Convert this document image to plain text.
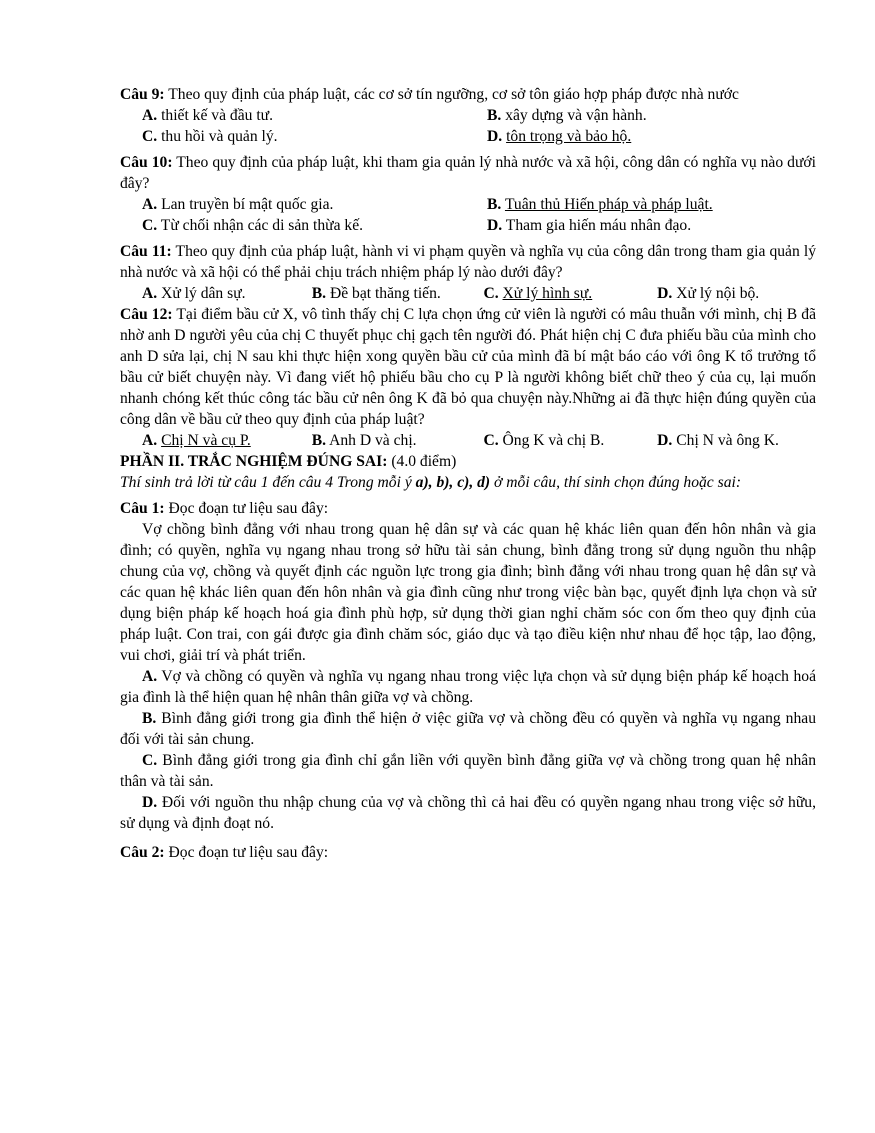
Câu 9: Theo quy định của pháp luật, các cơ sở tín ngưỡng, cơ sở tôn giáo hợp pháp được nhà nước

A. thiết kế và đầu tư.	B. xây dựng và vận hành.
C. thu hồi và quản lý.	D. tôn trọng và bảo hộ.

Câu 10: Theo quy định của pháp luật, khi tham gia quản lý nhà nước và xã hội, công dân có nghĩa vụ nào dưới đây?

A. Lan truyền bí mật quốc gia.	B. Tuân thủ Hiến pháp và pháp luật.
C. Từ chối nhận các di sản thừa kế.	D. Tham gia hiến máu nhân đạo.

Câu 11: Theo quy định của pháp luật, hành vi vi phạm quyền và nghĩa vụ của công dân trong tham gia quản lý nhà nước và xã hội có thể phải chịu trách nhiệm pháp lý nào dưới đây?

A. Xử lý dân sự.	B. Đề bạt thăng tiến.	C. Xử lý hình sự.	D. Xử lý nội bộ.

Câu 12: Tại điểm bầu cử X, vô tình thấy chị C lựa chọn ứng cử viên là người có mâu thuẫn với mình, chị B đã nhờ anh D người yêu của chị C thuyết phục chị gạch tên người đó. Phát hiện chị C đưa phiếu bầu của mình cho anh D sửa lại, chị N sau khi thực hiện xong quyền bầu cử của mình đã bí mật báo cáo với ông K tổ trưởng tổ bầu cử biết chuyện này. Vì đang viết hộ phiếu bầu cho cụ P là người không biết chữ theo ý của cụ, lại muốn nhanh chóng kết thúc công tác bầu cử nên ông K đã bỏ qua chuyện này.Những ai đã thực hiện đúng quyền của công dân về bầu cử theo quy định của pháp luật?

A. Chị N và cụ P.	B. Anh D và chị.	C. Ông K và chị B.	D. Chị N và ông K.

PHẦN II. TRẮC NGHIỆM ĐÚNG SAI: (4.0 điểm)

Thí sinh trả lời từ câu 1 đến câu 4 Trong mỗi ý a), b), c), d) ở mỗi câu, thí sinh chọn đúng hoặc sai:

Câu 1: Đọc đoạn tư liệu sau đây:

Vợ chồng bình đẳng với nhau trong quan hệ dân sự và các quan hệ khác liên quan đến hôn nhân và gia đình; có quyền, nghĩa vụ ngang nhau trong sở hữu tài sản chung, bình đẳng trong sử dụng nguồn thu nhập chung của vợ, chồng và quyết định các nguồn lực trong gia đình; bình đẳng với nhau trong quan hệ dân sự và các quan hệ khác liên quan đến hôn nhân và gia đình cũng như trong việc bàn bạc, quyết định lựa chọn và sử dụng biện pháp kế hoạch hoá gia đình phù hợp, sử dụng thời gian nghỉ chăm sóc con ốm theo quy định của pháp luật. Con trai, con gái được gia đình chăm sóc, giáo dục và tạo điều kiện như nhau để học tập, lao động, vui chơi, giải trí và phát triển.

A. Vợ và chồng có quyền và nghĩa vụ ngang nhau trong việc lựa chọn và sử dụng biện pháp kế hoạch hoá gia đình là thể hiện quan hệ nhân thân giữa vợ và chồng.

B. Bình đẳng giới trong gia đình thể hiện ở việc giữa vợ và chồng đều có quyền và nghĩa vụ ngang nhau đối với tài sản chung.

C. Bình đẳng giới trong gia đình chỉ gắn liền với quyền bình đẳng giữa vợ và chồng trong quan hệ nhân thân và tài sản.

D. Đối với nguồn thu nhập chung của vợ và chồng thì cả hai đều có quyền ngang nhau trong việc sở hữu, sử dụng và định đoạt nó.

Câu 2: Đọc đoạn tư liệu sau đây:
